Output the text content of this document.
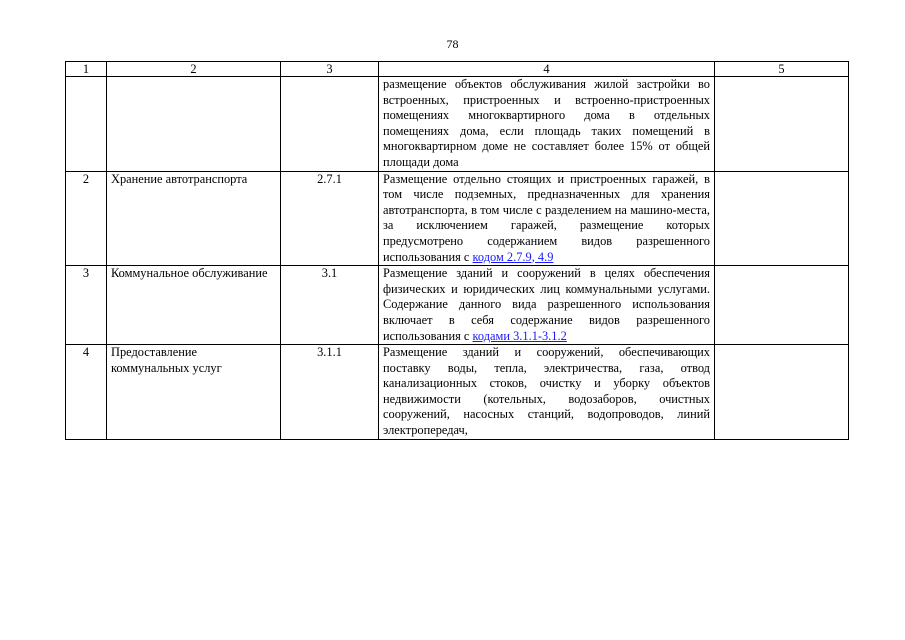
78
1	2	3	4	5
			размещение объектов обслуживания жилой застройки во встроенных, пристроенных и встроенно-пристроенных помещениях многоквартирного дома в отдельных помещениях дома, если площадь таких помещений в многоквартирном доме не составляет более 15% от общей площади дома	
2	Хранение автотранспорта	2.7.1	Размещение отдельно стоящих и пристроенных гаражей, в том числе подземных, предназначенных для хранения автотранспорта, в том числе с разделением на машино-места, за исключением гаражей, размещение которых предусмотрено содержанием видов разрешенного использования с кодом 2.7.9, 4.9	
3	Коммунальное обслуживание	3.1	Размещение зданий и сооружений в целях обеспечения физических и юридических лиц коммунальными услугами. Содержание данного вида разрешенного использования включает в себя содержание видов разрешенного использования с кодами 3.1.1-3.1.2	
4	Предоставление коммунальных услуг	3.1.1	Размещение зданий и сооружений, обеспечивающих поставку воды, тепла, электричества, газа, отвод канализационных стоков, очистку и уборку объектов недвижимости (котельных, водозаборов, очистных сооружений, насосных станций, водопроводов, линий электропередач,	
